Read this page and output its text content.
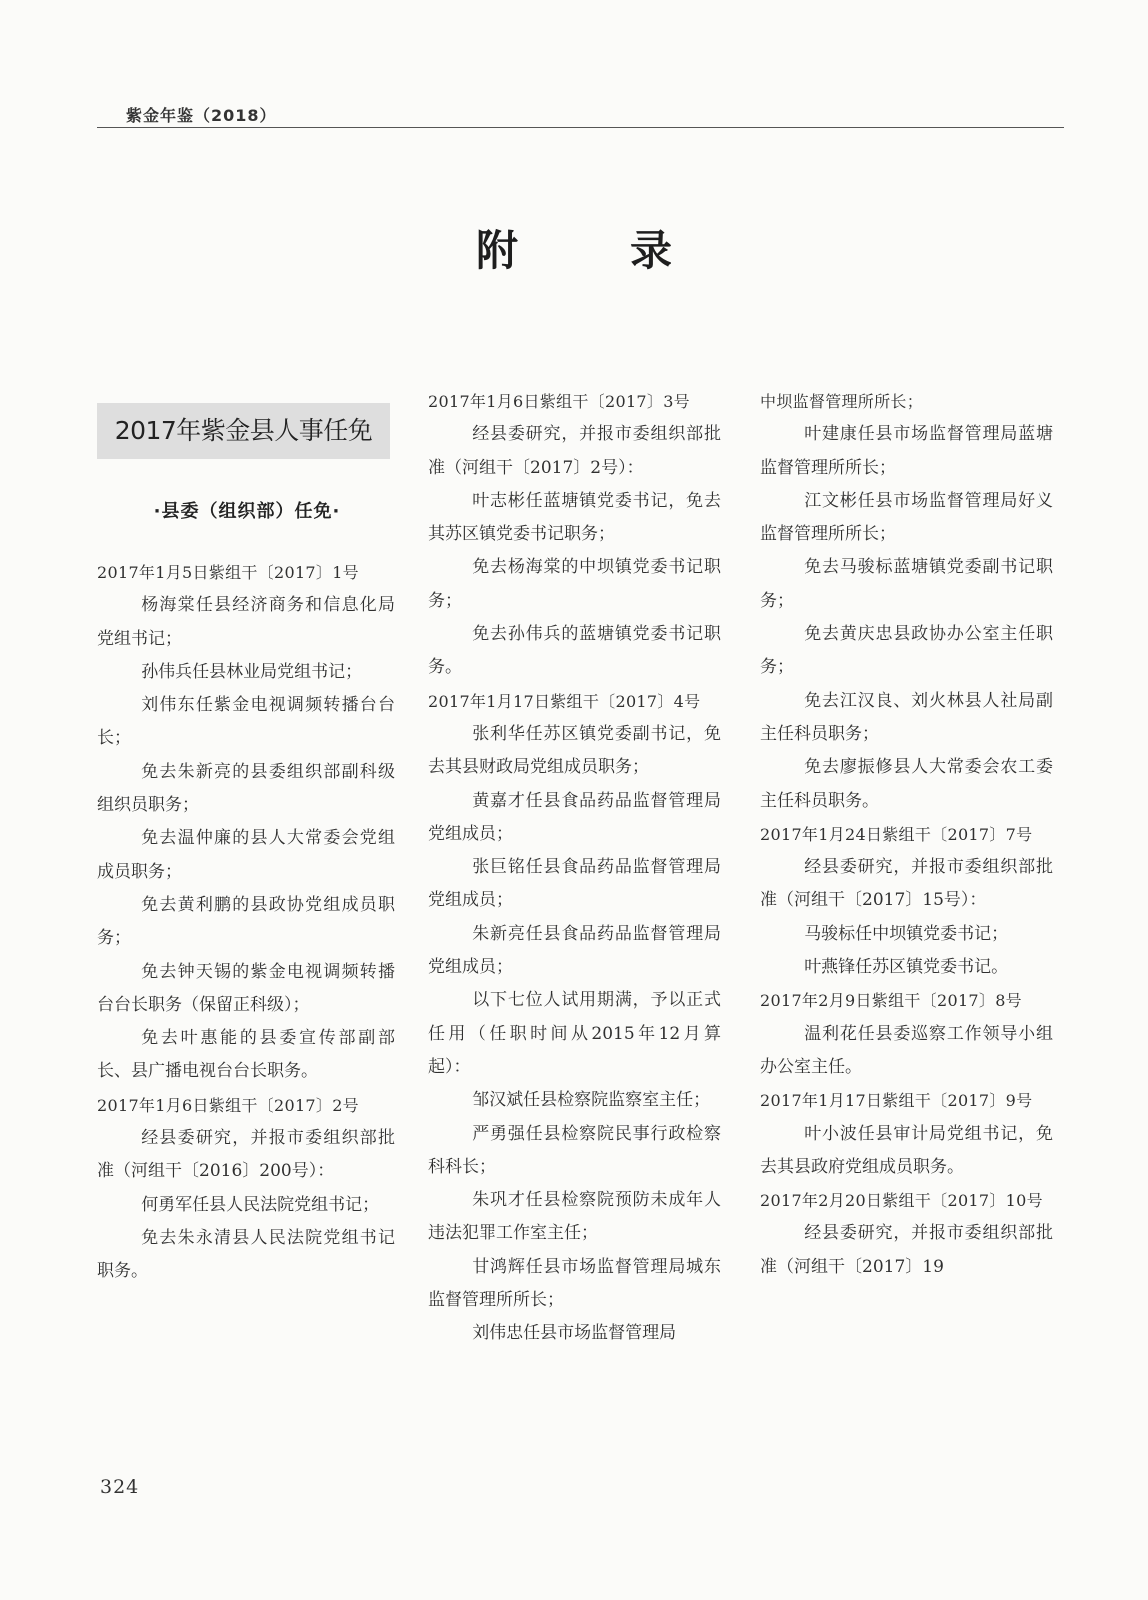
紫金年鉴（2018）
附	录
2017年紫金县人事任免
·县委（组织部）任免·

2017年1月5日紫组干〔2017〕1号

杨海棠任县经济商务和信息化局党组书记；

孙伟兵任县林业局党组书记；

刘伟东任紫金电视调频转播台台长；

免去朱新亮的县委组织部副科级组织员职务；

免去温仲廉的县人大常委会党组成员职务；

免去黄利鹏的县政协党组成员职务；

免去钟天锡的紫金电视调频转播台台长职务（保留正科级）；

免去叶惠能的县委宣传部副部长、县广播电视台台长职务。

2017年1月6日紫组干〔2017〕2号

经县委研究，并报市委组织部批准（河组干〔2016〕200号）：

何勇军任县人民法院党组书记；

免去朱永清县人民法院党组书记职务。

2017年1月6日紫组干〔2017〕3号

经县委研究，并报市委组织部批准（河组干〔2017〕2号）：

叶志彬任蓝塘镇党委书记，免去其苏区镇党委书记职务；

免去杨海棠的中坝镇党委书记职务；

免去孙伟兵的蓝塘镇党委书记职务。

2017年1月17日紫组干〔2017〕4号

张利华任苏区镇党委副书记，免去其县财政局党组成员职务；

黄嘉才任县食品药品监督管理局党组成员；

张巨铭任县食品药品监督管理局党组成员；

朱新亮任县食品药品监督管理局党组成员；

以下七位人试用期满，予以正式任用（任职时间从2015年12月算起）：

邹汉斌任县检察院监察室主任；

严勇强任县检察院民事行政检察科科长；

朱巩才任县检察院预防未成年人违法犯罪工作室主任；

甘鸿辉任县市场监督管理局城东监督管理所所长；

刘伟忠任县市场监督管理局

中坝监督管理所所长；

叶建康任县市场监督管理局蓝塘监督管理所所长；

江文彬任县市场监督管理局好义监督管理所所长；

免去马骏标蓝塘镇党委副书记职务；

免去黄庆忠县政协办公室主任职务；

免去江汉良、刘火林县人社局副主任科员职务；

免去廖振修县人大常委会农工委主任科员职务。

2017年1月24日紫组干〔2017〕7号

经县委研究，并报市委组织部批准（河组干〔2017〕15号）：

马骏标任中坝镇党委书记；

叶燕锋任苏区镇党委书记。

2017年2月9日紫组干〔2017〕8号

温利花任县委巡察工作领导小组办公室主任。

2017年1月17日紫组干〔2017〕9号

叶小波任县审计局党组书记，免去其县政府党组成员职务。

2017年2月20日紫组干〔2017〕10号

经县委研究，并报市委组织部批准（河组干〔2017〕19

324
